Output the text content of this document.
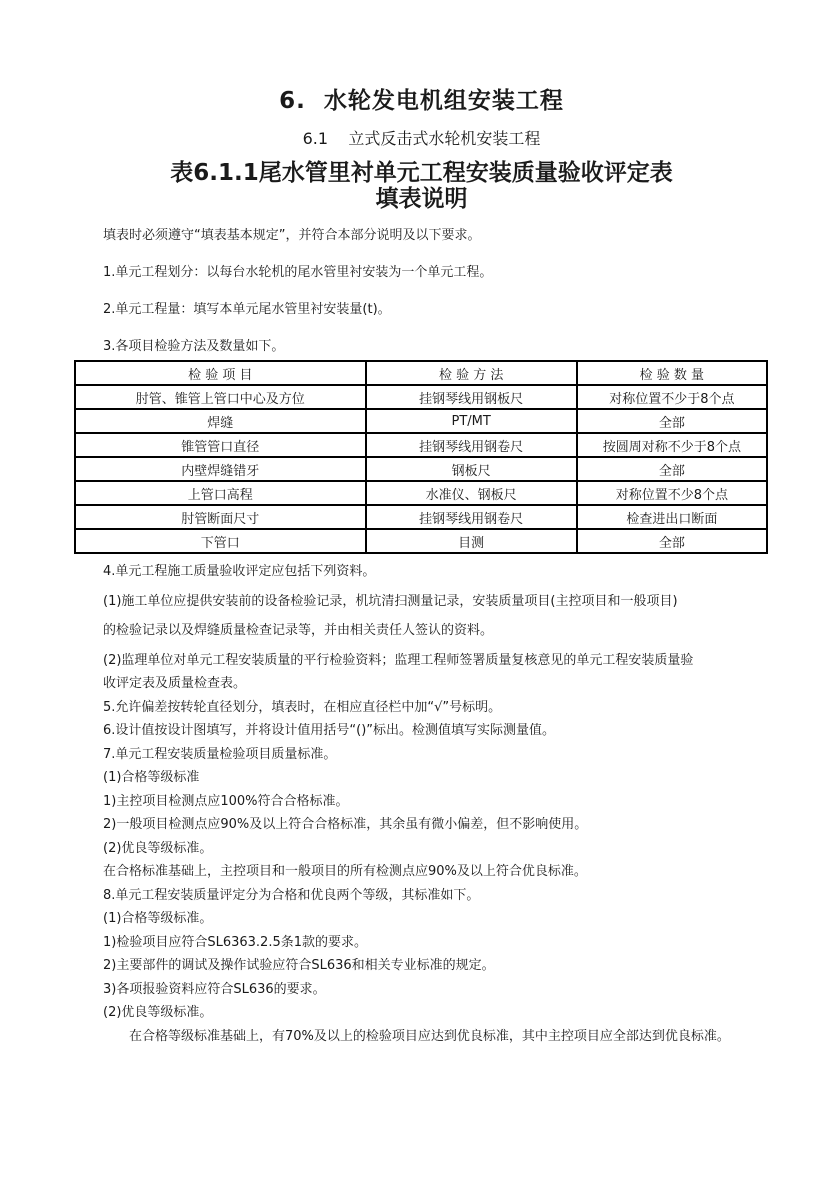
6.  水轮发电机组安装工程
6.1    立式反击式水轮机安装工程
表6.1.1尾水管里衬单元工程安装质量验收评定表
填表说明

填表时必须遵守“填表基本规定”，并符合本部分说明及以下要求。

1.单元工程划分：以每台水轮机的尾水管里衬安装为一个单元工程。

2.单元工程量：填写本单元尾水管里衬安装量(t)。

3.各项目检验方法及数量如下。

检 验 项 目	检 验 方 法	检 验 数 量
肘管、锥管上管口中心及方位	挂钢琴线用钢板尺	对称位置不少于8个点
焊缝	PT/MT	全部
锥管管口直径	挂钢琴线用钢卷尺	按圆周对称不少于8个点
内壁焊缝错牙	钢板尺	全部
上管口高程	水准仪、钢板尺	对称位置不少8个点
肘管断面尺寸	挂钢琴线用钢卷尺	检查进出口断面
下管口	目测	全部

4.单元工程施工质量验收评定应包括下列资料。

(1)施工单位应提供安装前的设备检验记录，机坑清扫测量记录，安装质量项目(主控项目和一般项目)

的检验记录以及焊缝质量检查记录等，并由相关责任人签认的资料。

(2)监理单位对单元工程安装质量的平行检验资料；监理工程师签署质量复核意见的单元工程安装质量验

收评定表及质量检查表。

5.允许偏差按转轮直径划分，填表时，在相应直径栏中加“√”号标明。

6.设计值按设计图填写，并将设计值用括号“()”标出。检测值填写实际测量值。

7.单元工程安装质量检验项目质量标准。

(1)合格等级标准

1)主控项目检测点应100%符合合格标准。

2)一般项目检测点应90%及以上符合合格标准，其余虽有微小偏差，但不影响使用。

(2)优良等级标准。

在合格标准基础上，主控项目和一般项目的所有检测点应90%及以上符合优良标准。

8.单元工程安装质量评定分为合格和优良两个等级，其标准如下。

(1)合格等级标准。

1)检验项目应符合SL6363.2.5条1款的要求。

2)主要部件的调试及操作试验应符合SL636和相关专业标准的规定。

3)各项报验资料应符合SL636的要求。

(2)优良等级标准。

在合格等级标准基础上，有70%及以上的检验项目应达到优良标准，其中主控项目应全部达到优良标准。
